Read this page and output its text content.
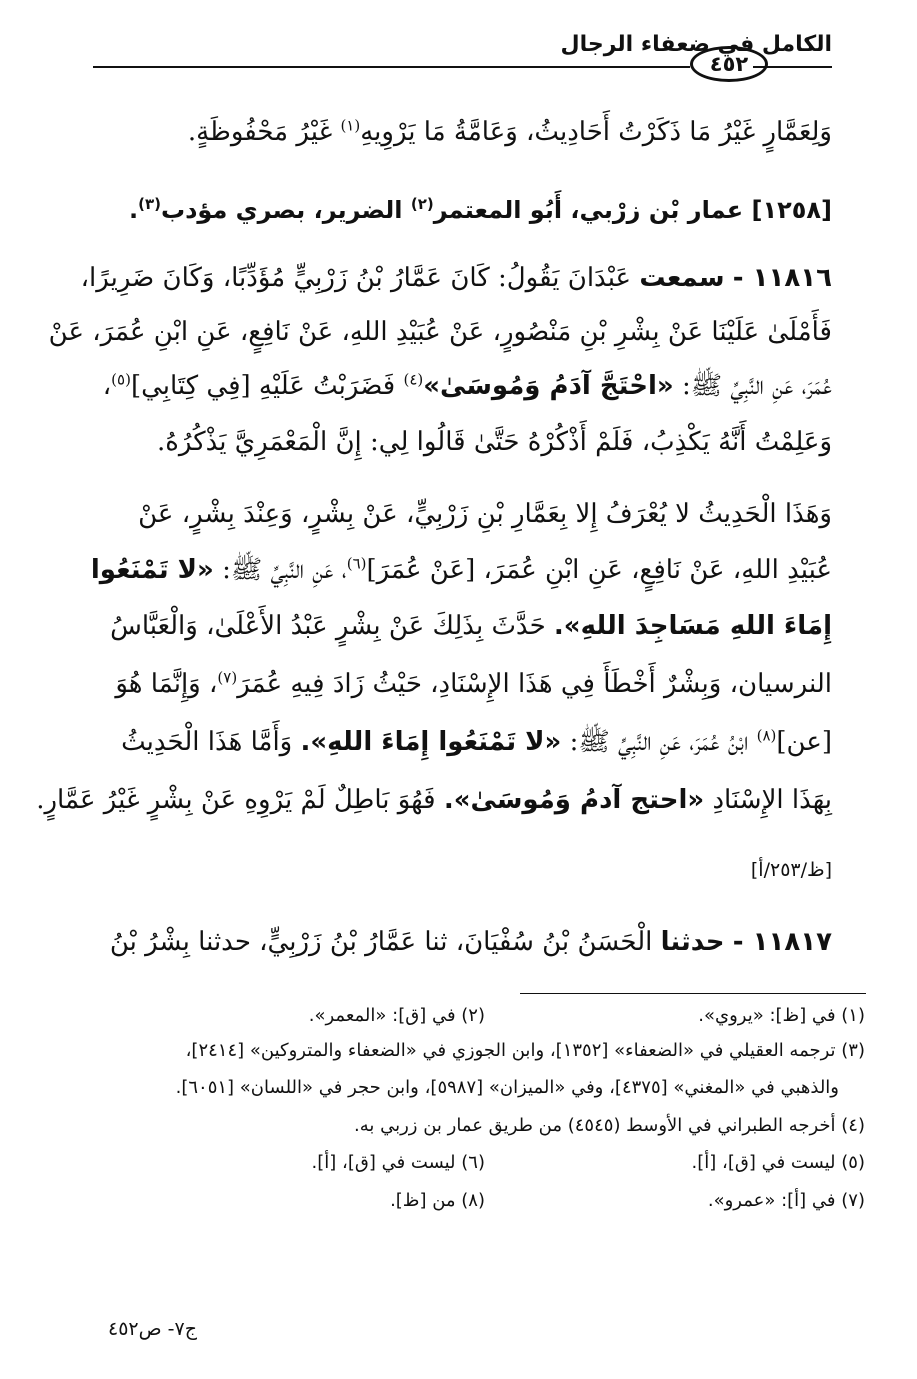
الكامل في ضعفاء الرجال
٤٥٢
وَلِعَمَّارٍ غَيْرُ مَا ذَكَرْتُ أَحَادِيثُ، وَعَامَّةُ مَا يَرْوِيهِ$^{(١)}$ غَيْرُ مَحْفُوظَةٍ.
[١٢٥٨] عمار بْن زرْبي، أَبُو المعتمر$^{(٢)}$ الضرير، بصري مؤدب$^{(٣)}$.
١١٨١٦ - سمعت عَبْدَانَ يَقُولُ: كَانَ عَمَّارُ بْنُ زَرْبِيٍّ مُؤَدِّبًا، وَكَانَ ضَرِيرًا،
فَأَمْلَىٰ عَلَيْنَا عَنْ بِشْرِ بْنِ مَنْصُورٍ، عَنْ عُبَيْدِ اللهِ، عَنْ نَافِعٍ، عَنِ ابْنِ عُمَرَ، عَنْ
عُمَرَ، عَنِ النَّبِيِّ ﷺ: «احْتَجَّ آدَمُ وَمُوسَىٰ»$^{(٤)}$ فَضَرَبْتُ عَلَيْهِ [فِي كِتَابِي]$^{(٥)}$،
وَعَلِمْتُ أَنَّهُ يَكْذِبُ، فَلَمْ أَذْكُرْهُ حَتَّىٰ قَالُوا لِي: إِنَّ الْمَعْمَرِيَّ يَذْكُرُهُ.
وَهَذَا الْحَدِيثُ لا يُعْرَفُ إِلا بِعَمَّارِ بْنِ زَرْبِيٍّ، عَنْ بِشْرٍ، وَعِنْدَ بِشْرٍ، عَنْ
عُبَيْدِ اللهِ، عَنْ نَافِعٍ، عَنِ ابْنِ عُمَرَ، [عَنْ عُمَرَ]$^{(٦)}$، عَنِ النَّبِيِّ ﷺ: «لا تَمْنَعُوا
إِمَاءَ اللهِ مَسَاجِدَ اللهِ». حَدَّثَ بِذَلِكَ عَنْ بِشْرٍ عَبْدُ الأَعْلَىٰ، وَالْعَبَّاسُ
النرسيان، وَبِشْرٌ أَخْطَأَ فِي هَذَا الإِسْنَادِ، حَيْثُ زَادَ فِيهِ عُمَرَ$^{(٧)}$، وَإِنَّمَا هُوَ
[عن]$^{(٨)}$ ابْنُ عُمَرَ، عَنِ النَّبِيِّ ﷺ: «لا تَمْنَعُوا إِمَاءَ اللهِ». وَأَمَّا هَذَا الْحَدِيثُ
بِهَذَا الإِسْنَادِ «احتج آدمُ وَمُوسَىٰ». فَهُوَ بَاطِلٌ لَمْ يَرْوِهِ عَنْ بِشْرٍ غَيْرُ عَمَّارٍ.
[ظ/٢٥٣/أ]
١١٨١٧ - حدثنا الْحَسَنُ بْنُ سُفْيَانَ، ثنا عَمَّارُ بْنُ زَرْبِيٍّ، حدثنا بِشْرُ بْنُ
(١) في [ظ]: «يروي».
(٢) في [ق]: «المعمر».
(٣) ترجمه العقيلي في «الضعفاء» [١٣٥٢]، وابن الجوزي في «الضعفاء والمتروكين» [٢٤١٤]،
والذهبي في «المغني» [٤٣٧٥]، وفي «الميزان» [٥٩٨٧]، وابن حجر في «اللسان» [٦٠٥١].
(٤) أخرجه الطبراني في الأوسط (٤٥٤٥) من طريق عمار بن زربي به.
(٥) ليست في [ق]، [أ].
(٦) ليست في [ق]، [أ].
(٧) في [أ]: «عمرو».
(٨) من [ظ].
ج٧- ص٤٥٢
